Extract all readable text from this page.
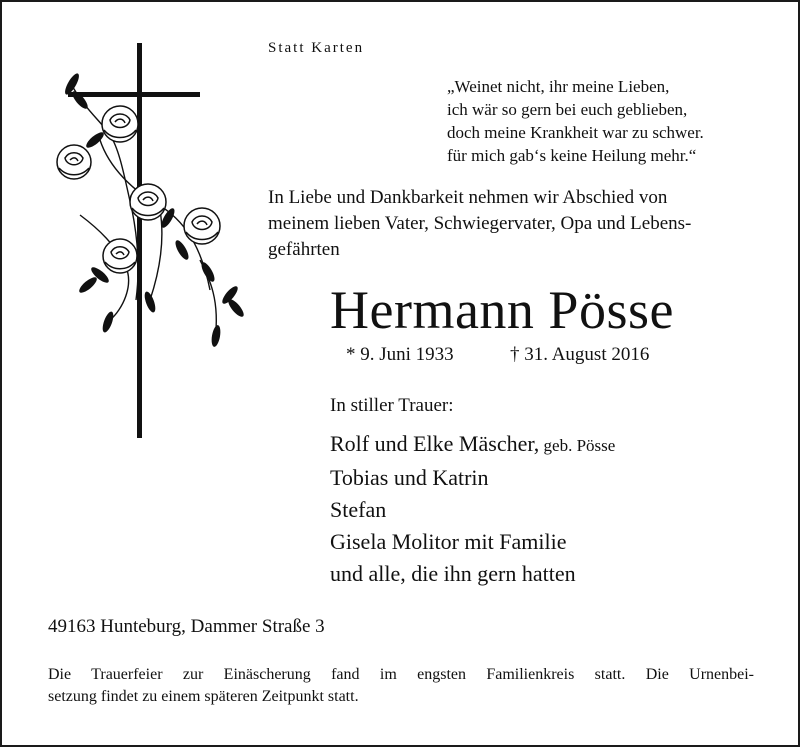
Statt Karten
„Weinet nicht, ihr meine Lieben,
ich wär so gern bei euch geblieben,
doch meine Krankheit war zu schwer.
für mich gab‘s keine Heilung mehr.“
In Liebe und Dankbarkeit nehmen wir Abschied von
meinem lieben Vater, Schwiegervater, Opa und Lebens-
gefährten
Hermann Pösse
* 9. Juni 1933	† 31. August 2016
In stiller Trauer:
Rolf und Elke Mäscher, geb. Pösse
Tobias und Katrin
Stefan
Gisela Molitor mit Familie
und alle, die ihn gern hatten
49163 Hunteburg, Dammer Straße 3
Die Trauerfeier zur Einäscherung fand im engsten Familienkreis statt. Die Urnenbei-
setzung findet zu einem späteren Zeitpunkt statt.
